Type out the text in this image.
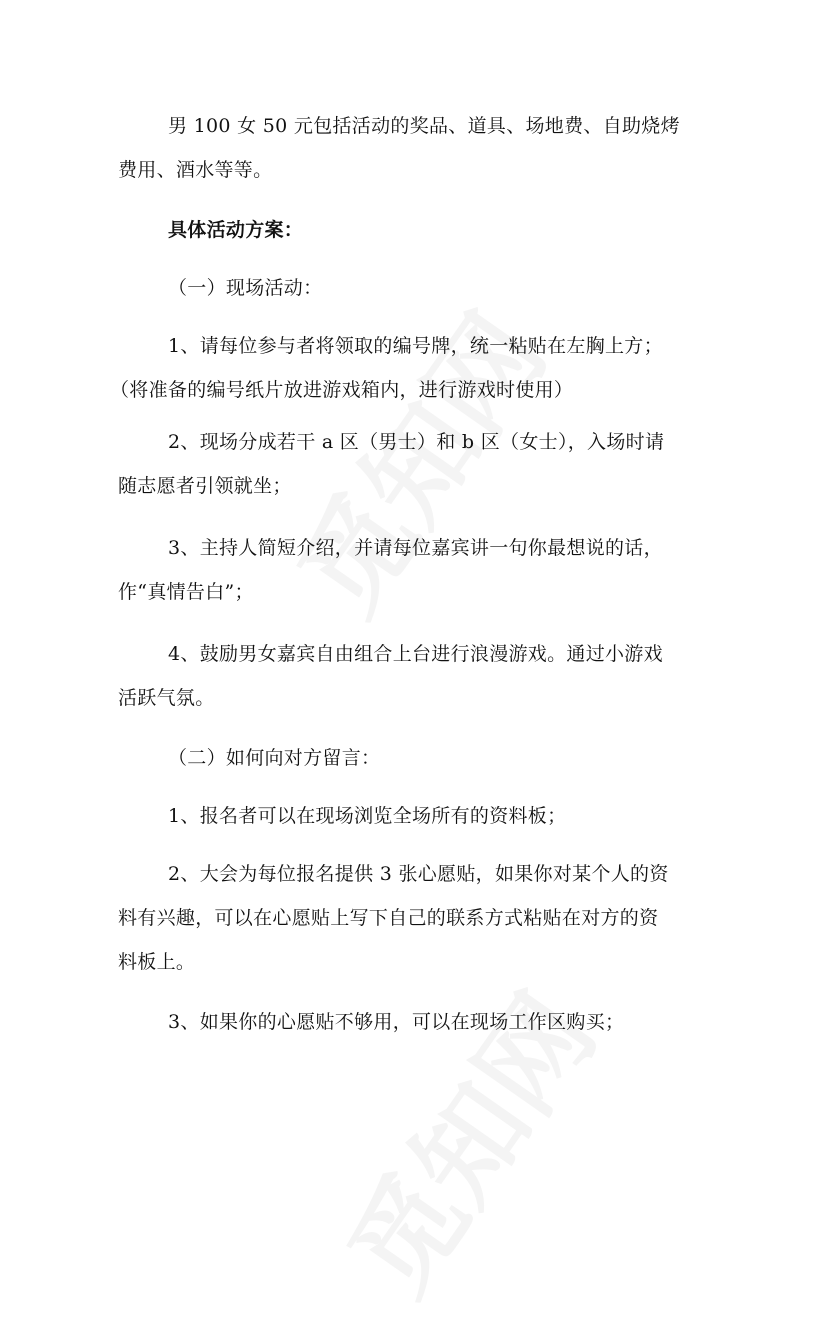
男 100 女 50 元包括活动的奖品、道具、场地费、自助烧烤
费用、酒水等等。
具体活动方案：
（一）现场活动：
1、请每位参与者将领取的编号牌，统一粘贴在左胸上方；
（将准备的编号纸片放进游戏箱内，进行游戏时使用）
2、现场分成若干 a 区（男士）和 b 区（女士），入场时请
随志愿者引领就坐；
3、主持人简短介绍，并请每位嘉宾讲一句你最想说的话，
作“真情告白”；
4、鼓励男女嘉宾自由组合上台进行浪漫游戏。通过小游戏
活跃气氛。
（二）如何向对方留言：
1、报名者可以在现场浏览全场所有的资料板；
2、大会为每位报名提供 3 张心愿贴，如果你对某个人的资
料有兴趣，可以在心愿贴上写下自己的联系方式粘贴在对方的资
料板上。
3、如果你的心愿贴不够用，可以在现场工作区购买；
